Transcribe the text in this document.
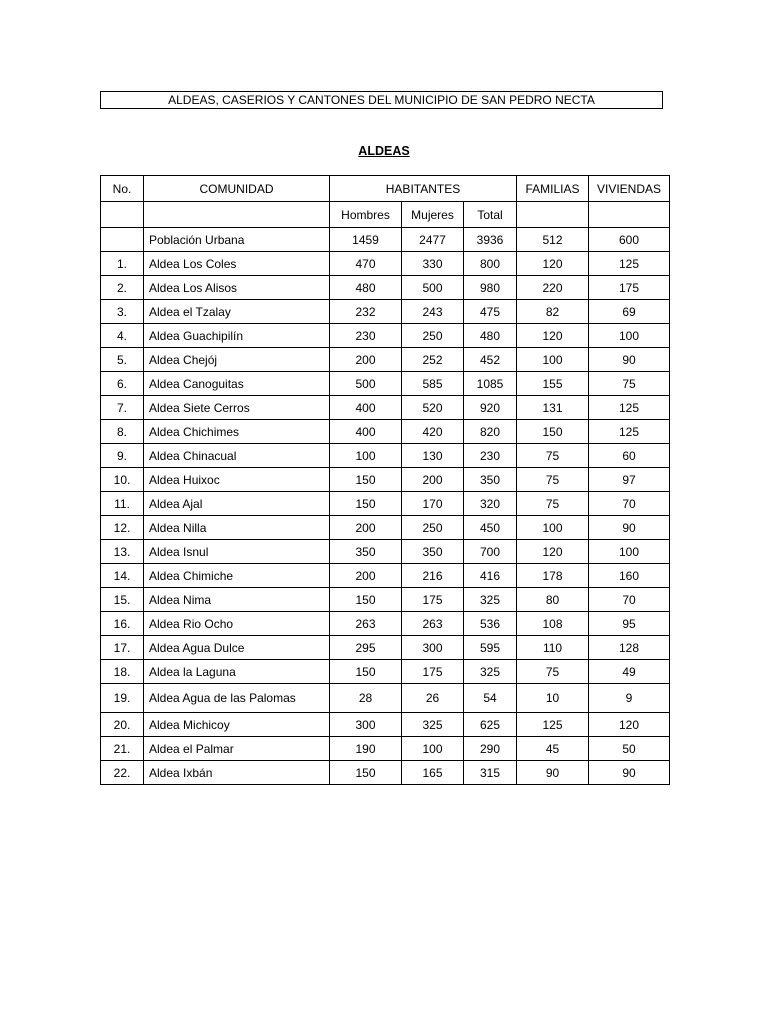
ALDEAS, CASERIOS Y CANTONES DEL MUNICIPIO DE SAN PEDRO NECTA
ALDEAS
No.	COMUNIDAD	HABITANTES			FAMILIAS	VIVIENDAS
		Hombres	Mujeres	Total		
	Población Urbana	1459	2477	3936	512	600
1.	Aldea Los Coles	470	330	800	120	125
2.	Aldea Los Alisos	480	500	980	220	175
3.	Aldea el Tzalay	232	243	475	82	69
4.	Aldea Guachipilín	230	250	480	120	100
5.	Aldea Chejój	200	252	452	100	90
6.	Aldea Canoguitas	500	585	1085	155	75
7.	Aldea Siete Cerros	400	520	920	131	125
8.	Aldea Chichimes	400	420	820	150	125
9.	Aldea Chinacual	100	130	230	75	60
10.	Aldea Huixoc	150	200	350	75	97
11.	Aldea Ajal	150	170	320	75	70
12.	Aldea Nilla	200	250	450	100	90
13.	Aldea Isnul	350	350	700	120	100
14.	Aldea Chimiche	200	216	416	178	160
15.	Aldea Nima	150	175	325	80	70
16.	Aldea Rio Ocho	263	263	536	108	95
17.	Aldea Agua Dulce	295	300	595	110	128
18.	Aldea la Laguna	150	175	325	75	49
19.	Aldea Agua de las Palomas	28	26	54	10	9
20.	Aldea Michicoy	300	325	625	125	120
21.	Aldea el Palmar	190	100	290	45	50
22.	Aldea Ixbán	150	165	315	90	90
